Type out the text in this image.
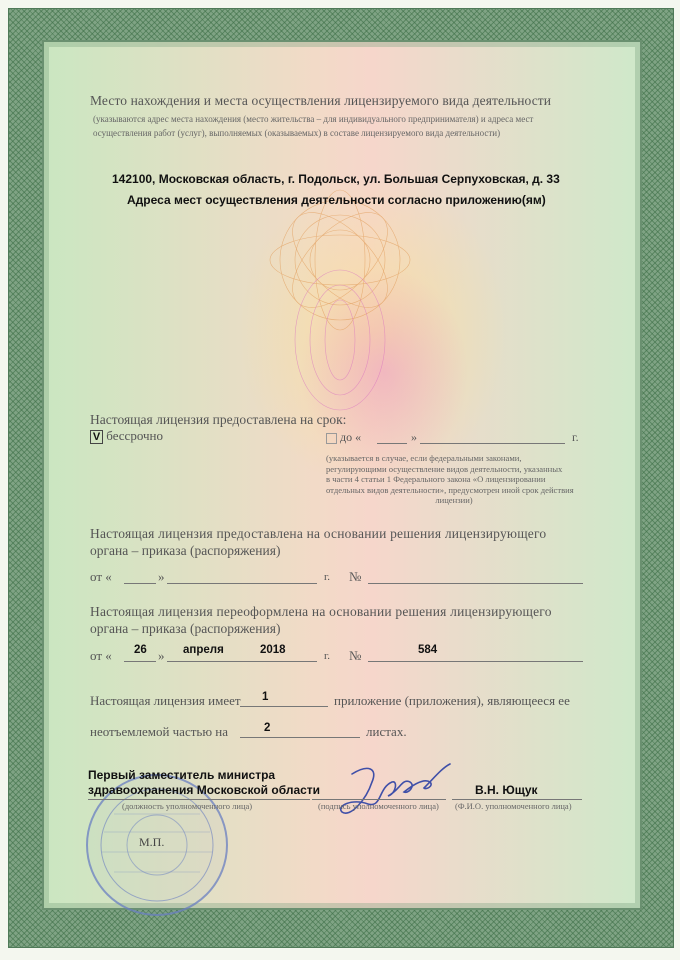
Место нахождения и места осуществления лицензируемого вида деятельности
(указываются адрес места нахождения (место жительства – для индивидуального предпринимателя) и адреса мест
осуществления работ (услуг), выполняемых (оказываемых) в составе лицензируемого вида деятельности)
142100, Московская область, г. Подольск, ул. Большая Серпуховская, д. 33
Адреса мест осуществления деятельности согласно приложению(ям)
Настоящая лицензия предоставлена на срок:
V бессрочно	до «	»	г.
(указывается в случае, если федеральными законами,
регулирующими осуществление видов деятельности, указанных
в части 4 статьи 1 Федерального закона «О лицензировании
отдельных видов деятельности», предусмотрен иной срок действия
лицензии)
Настоящая лицензия предоставлена на основании решения лицензирующего
органа – приказа (распоряжения)
от «	»	г. №
Настоящая лицензия переоформлена на основании решения лицензирующего
органа – приказа (распоряжения)
от « 26 » апреля	2018	г. №	584
Настоящая лицензия имеет 1	приложение (приложения), являющееся ее
неотъемлемой частью на	2	листах.
Первый заместитель министра
здравоохранения Московской области
(должность уполномоченного лица)	(подпись уполномоченного лица)
В.Н. Ющук
(Ф.И.О. уполномоченного лица)
М.П.
